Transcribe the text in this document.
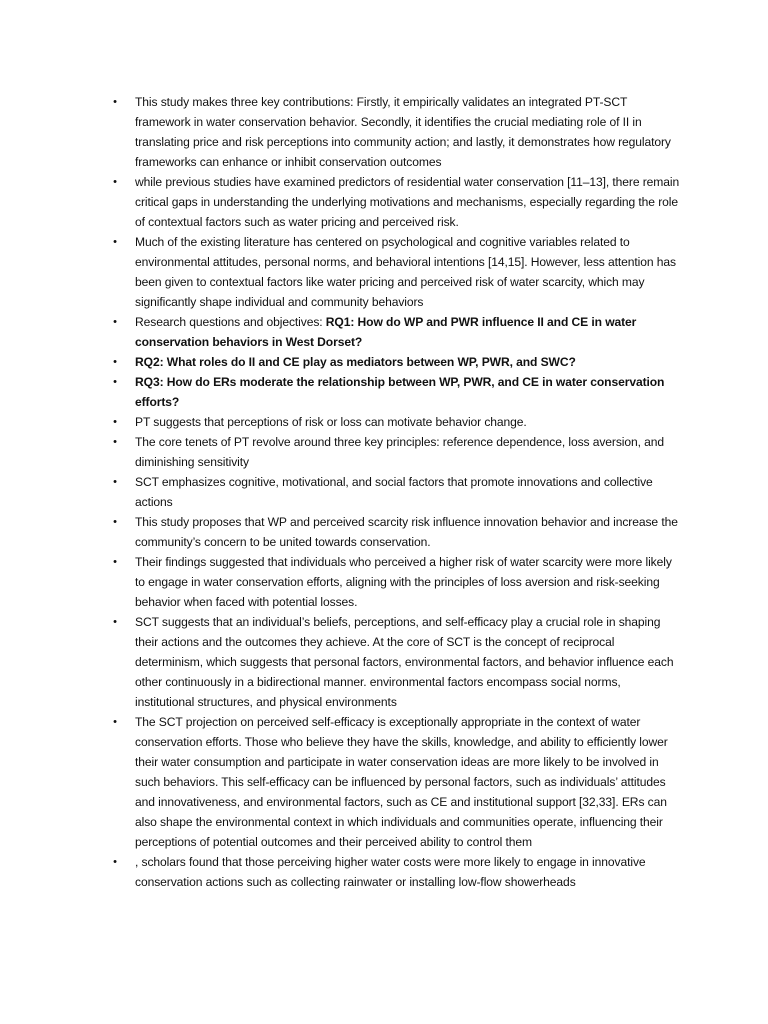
• This study makes three key contributions: Firstly, it empirically validates an integrated PT-SCT framework in water conservation behavior. Secondly, it identifies the crucial mediating role of II in translating price and risk perceptions into community action; and lastly, it demonstrates how regulatory frameworks can enhance or inhibit conservation outcomes
• while previous studies have examined predictors of residential water conservation [11–13], there remain critical gaps in understanding the underlying motivations and mechanisms, especially regarding the role of contextual factors such as water pricing and perceived risk.
• Much of the existing literature has centered on psychological and cognitive variables related to environmental attitudes, personal norms, and behavioral intentions [14,15]. However, less attention has been given to contextual factors like water pricing and perceived risk of water scarcity, which may significantly shape individual and community behaviors
• Research questions and objectives: RQ1: How do WP and PWR influence II and CE in water conservation behaviors in West Dorset?
• RQ2: What roles do II and CE play as mediators between WP, PWR, and SWC?
• RQ3: How do ERs moderate the relationship between WP, PWR, and CE in water conservation efforts?
• PT suggests that perceptions of risk or loss can motivate behavior change.
• The core tenets of PT revolve around three key principles: reference dependence, loss aversion, and diminishing sensitivity
• SCT emphasizes cognitive, motivational, and social factors that promote innovations and collective actions
• This study proposes that WP and perceived scarcity risk influence innovation behavior and increase the community’s concern to be united towards conservation.
• Their findings suggested that individuals who perceived a higher risk of water scarcity were more likely to engage in water conservation efforts, aligning with the principles of loss aversion and risk-seeking behavior when faced with potential losses.
• SCT suggests that an individual’s beliefs, perceptions, and self-efficacy play a crucial role in shaping their actions and the outcomes they achieve. At the core of SCT is the concept of reciprocal determinism, which suggests that personal factors, environmental factors, and behavior influence each other continuously in a bidirectional manner. environmental factors encompass social norms, institutional structures, and physical environments
• The SCT projection on perceived self-efficacy is exceptionally appropriate in the context of water conservation efforts. Those who believe they have the skills, knowledge, and ability to efficiently lower their water consumption and participate in water conservation ideas are more likely to be involved in such behaviors. This self-efficacy can be influenced by personal factors, such as individuals’ attitudes and innovativeness, and environmental factors, such as CE and institutional support [32,33]. ERs can also shape the environmental context in which individuals and communities operate, influencing their perceptions of potential outcomes and their perceived ability to control them
• , scholars found that those perceiving higher water costs were more likely to engage in innovative conservation actions such as collecting rainwater or installing low-flow showerheads
